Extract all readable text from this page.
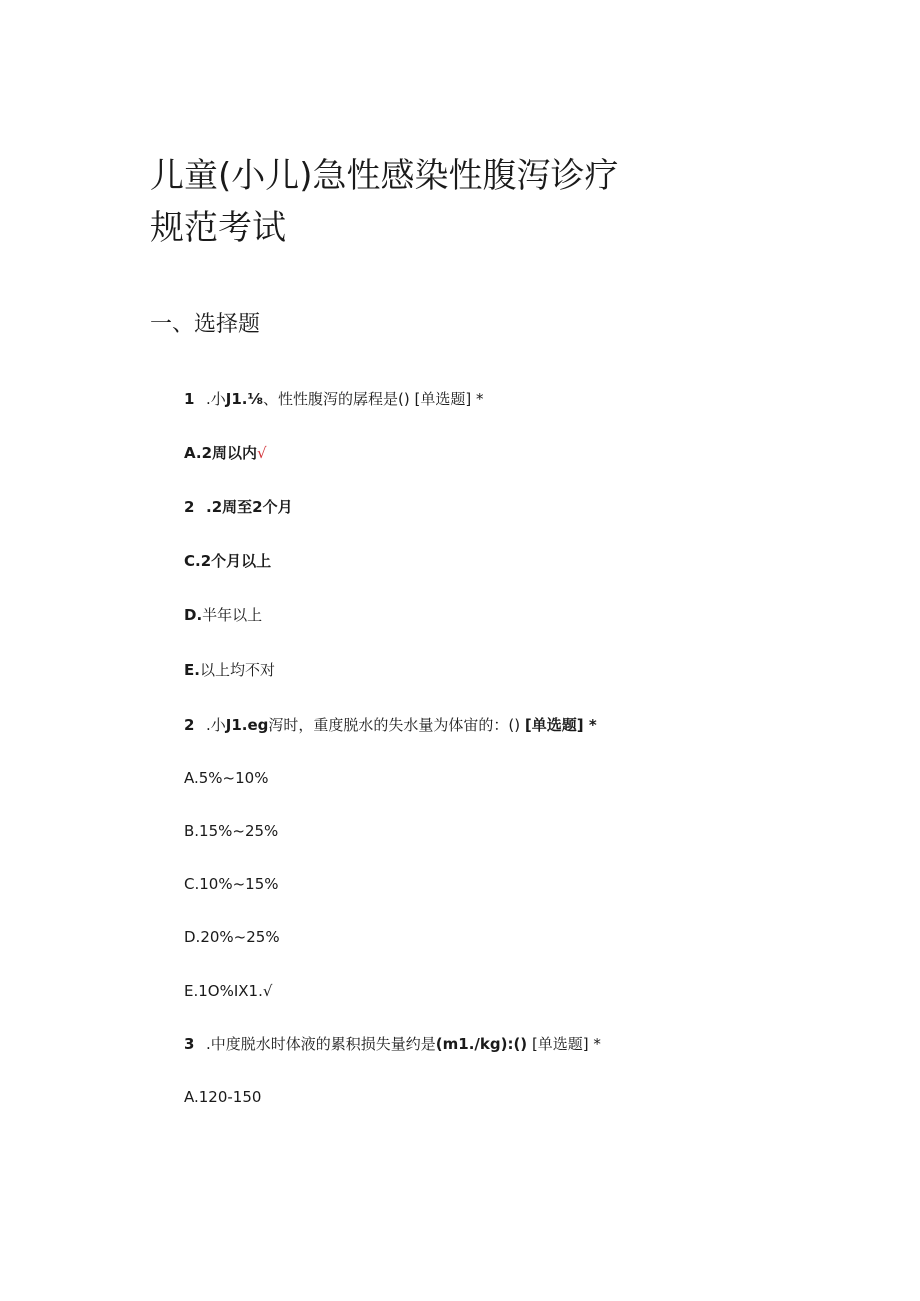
儿童(小儿)急性感染性腹泻诊疗
规范考试
一、选择题
1 .小J1.⅛、性性腹泻的孱程是() [单选题] *
A.2周以内√
2 .2周至2个月
C.2个月以上
D.半年以上
E.以上均不对
2 .小J1.eg泻时，重度脱水的失水量为体宙的：() [单选题] *
A.5%~10%
B.15%~25%
C.10%~15%
D.20%~25%
E.1O%IX1.√
3 .中度脱水时体液的累积损失量约是(m1./kg):() [单选题] *
A.120-150
